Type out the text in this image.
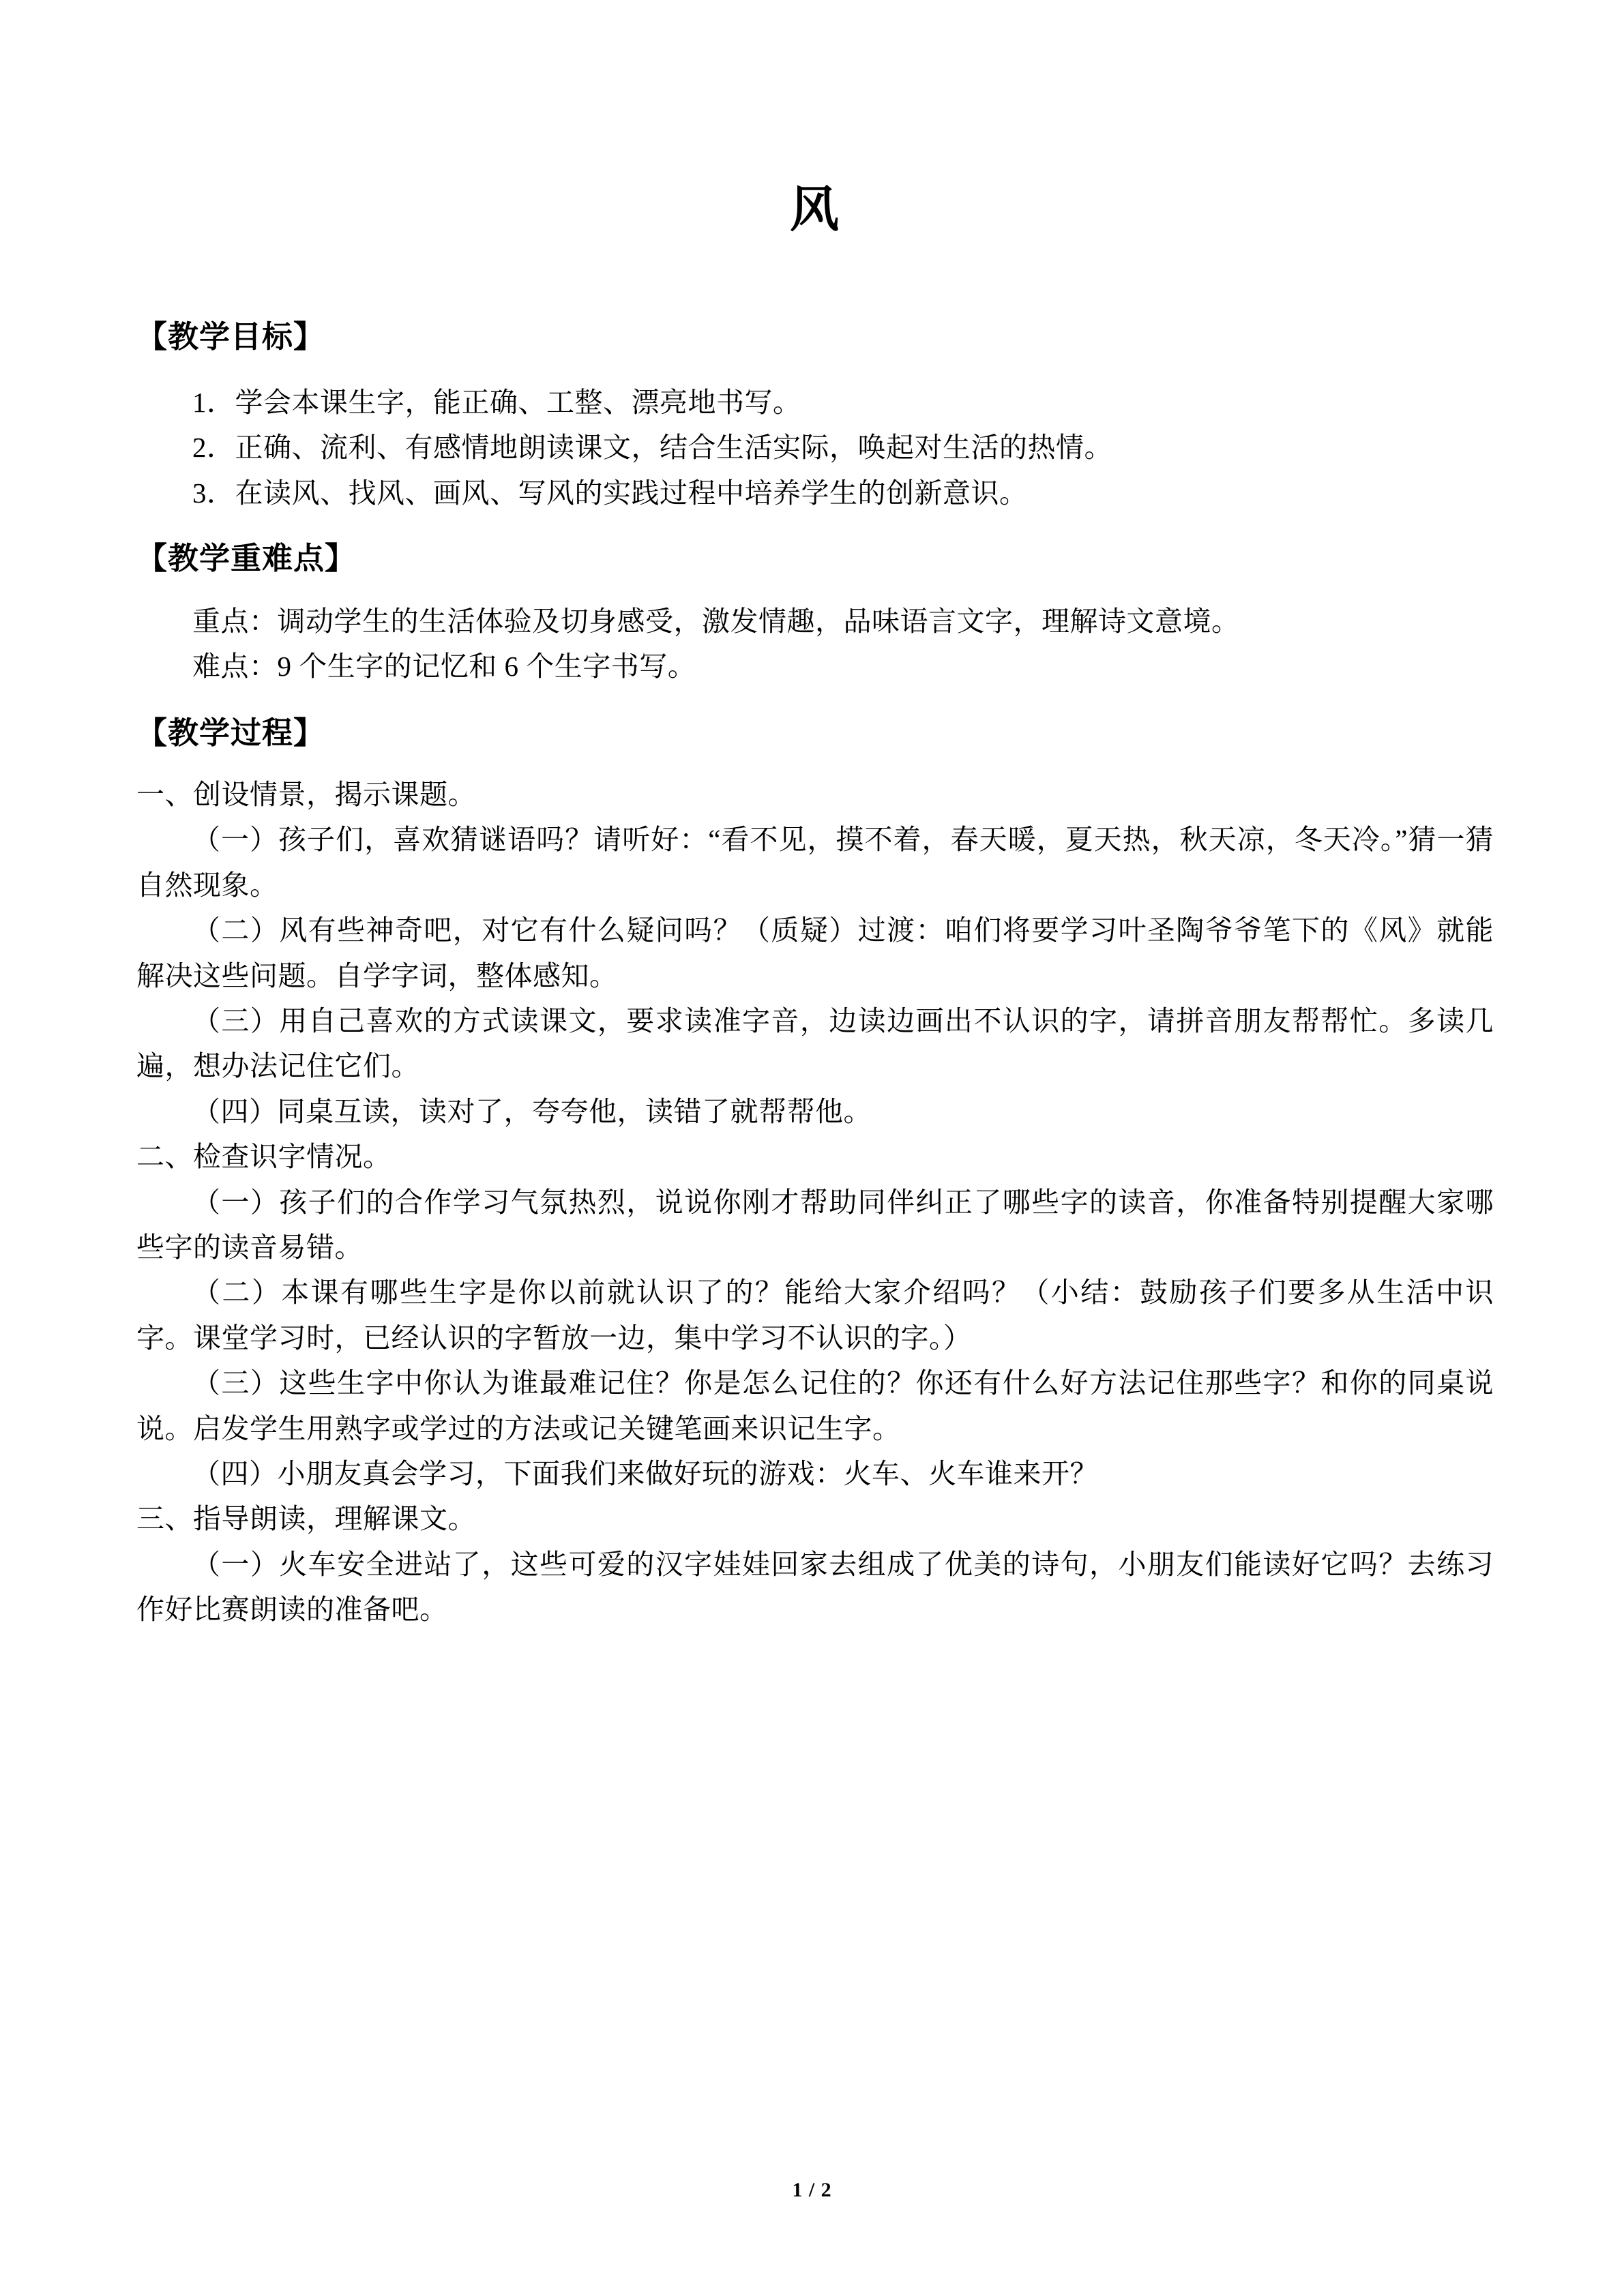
风
【教学目标】

1．学会本课生字，能正确、工整、漂亮地书写。

2．正确、流利、有感情地朗读课文，结合生活实际，唤起对生活的热情。

3．在读风、找风、画风、写风的实践过程中培养学生的创新意识。

【教学重难点】

重点：调动学生的生活体验及切身感受，激发情趣，品味语言文字，理解诗文意境。

难点：9 个生字的记忆和 6 个生字书写。

【教学过程】

一、创设情景，揭示课题。

（一）孩子们，喜欢猜谜语吗？请听好：“看不见，摸不着，春天暖，夏天热，秋天凉，冬天冷。”猜一猜自然现象。

（二）风有些神奇吧，对它有什么疑问吗？（质疑）过渡：咱们将要学习叶圣陶爷爷笔下的《风》就能解决这些问题。自学字词，整体感知。

（三）用自己喜欢的方式读课文，要求读准字音，边读边画出不认识的字，请拼音朋友帮帮忙。多读几遍，想办法记住它们。

（四）同桌互读，读对了，夸夸他，读错了就帮帮他。

二、检查识字情况。

（一）孩子们的合作学习气氛热烈，说说你刚才帮助同伴纠正了哪些字的读音，你准备特别提醒大家哪些字的读音易错。

（二）本课有哪些生字是你以前就认识了的？能给大家介绍吗？（小结：鼓励孩子们要多从生活中识字。课堂学习时，已经认识的字暂放一边，集中学习不认识的字。）

（三）这些生字中你认为谁最难记住？你是怎么记住的？你还有什么好方法记住那些字？和你的同桌说说。启发学生用熟字或学过的方法或记关键笔画来识记生字。

（四）小朋友真会学习，下面我们来做好玩的游戏：火车、火车谁来开？

三、指导朗读，理解课文。

（一）火车安全进站了，这些可爱的汉字娃娃回家去组成了优美的诗句，小朋友们能读好它吗？去练习作好比赛朗读的准备吧。

1 / 2
